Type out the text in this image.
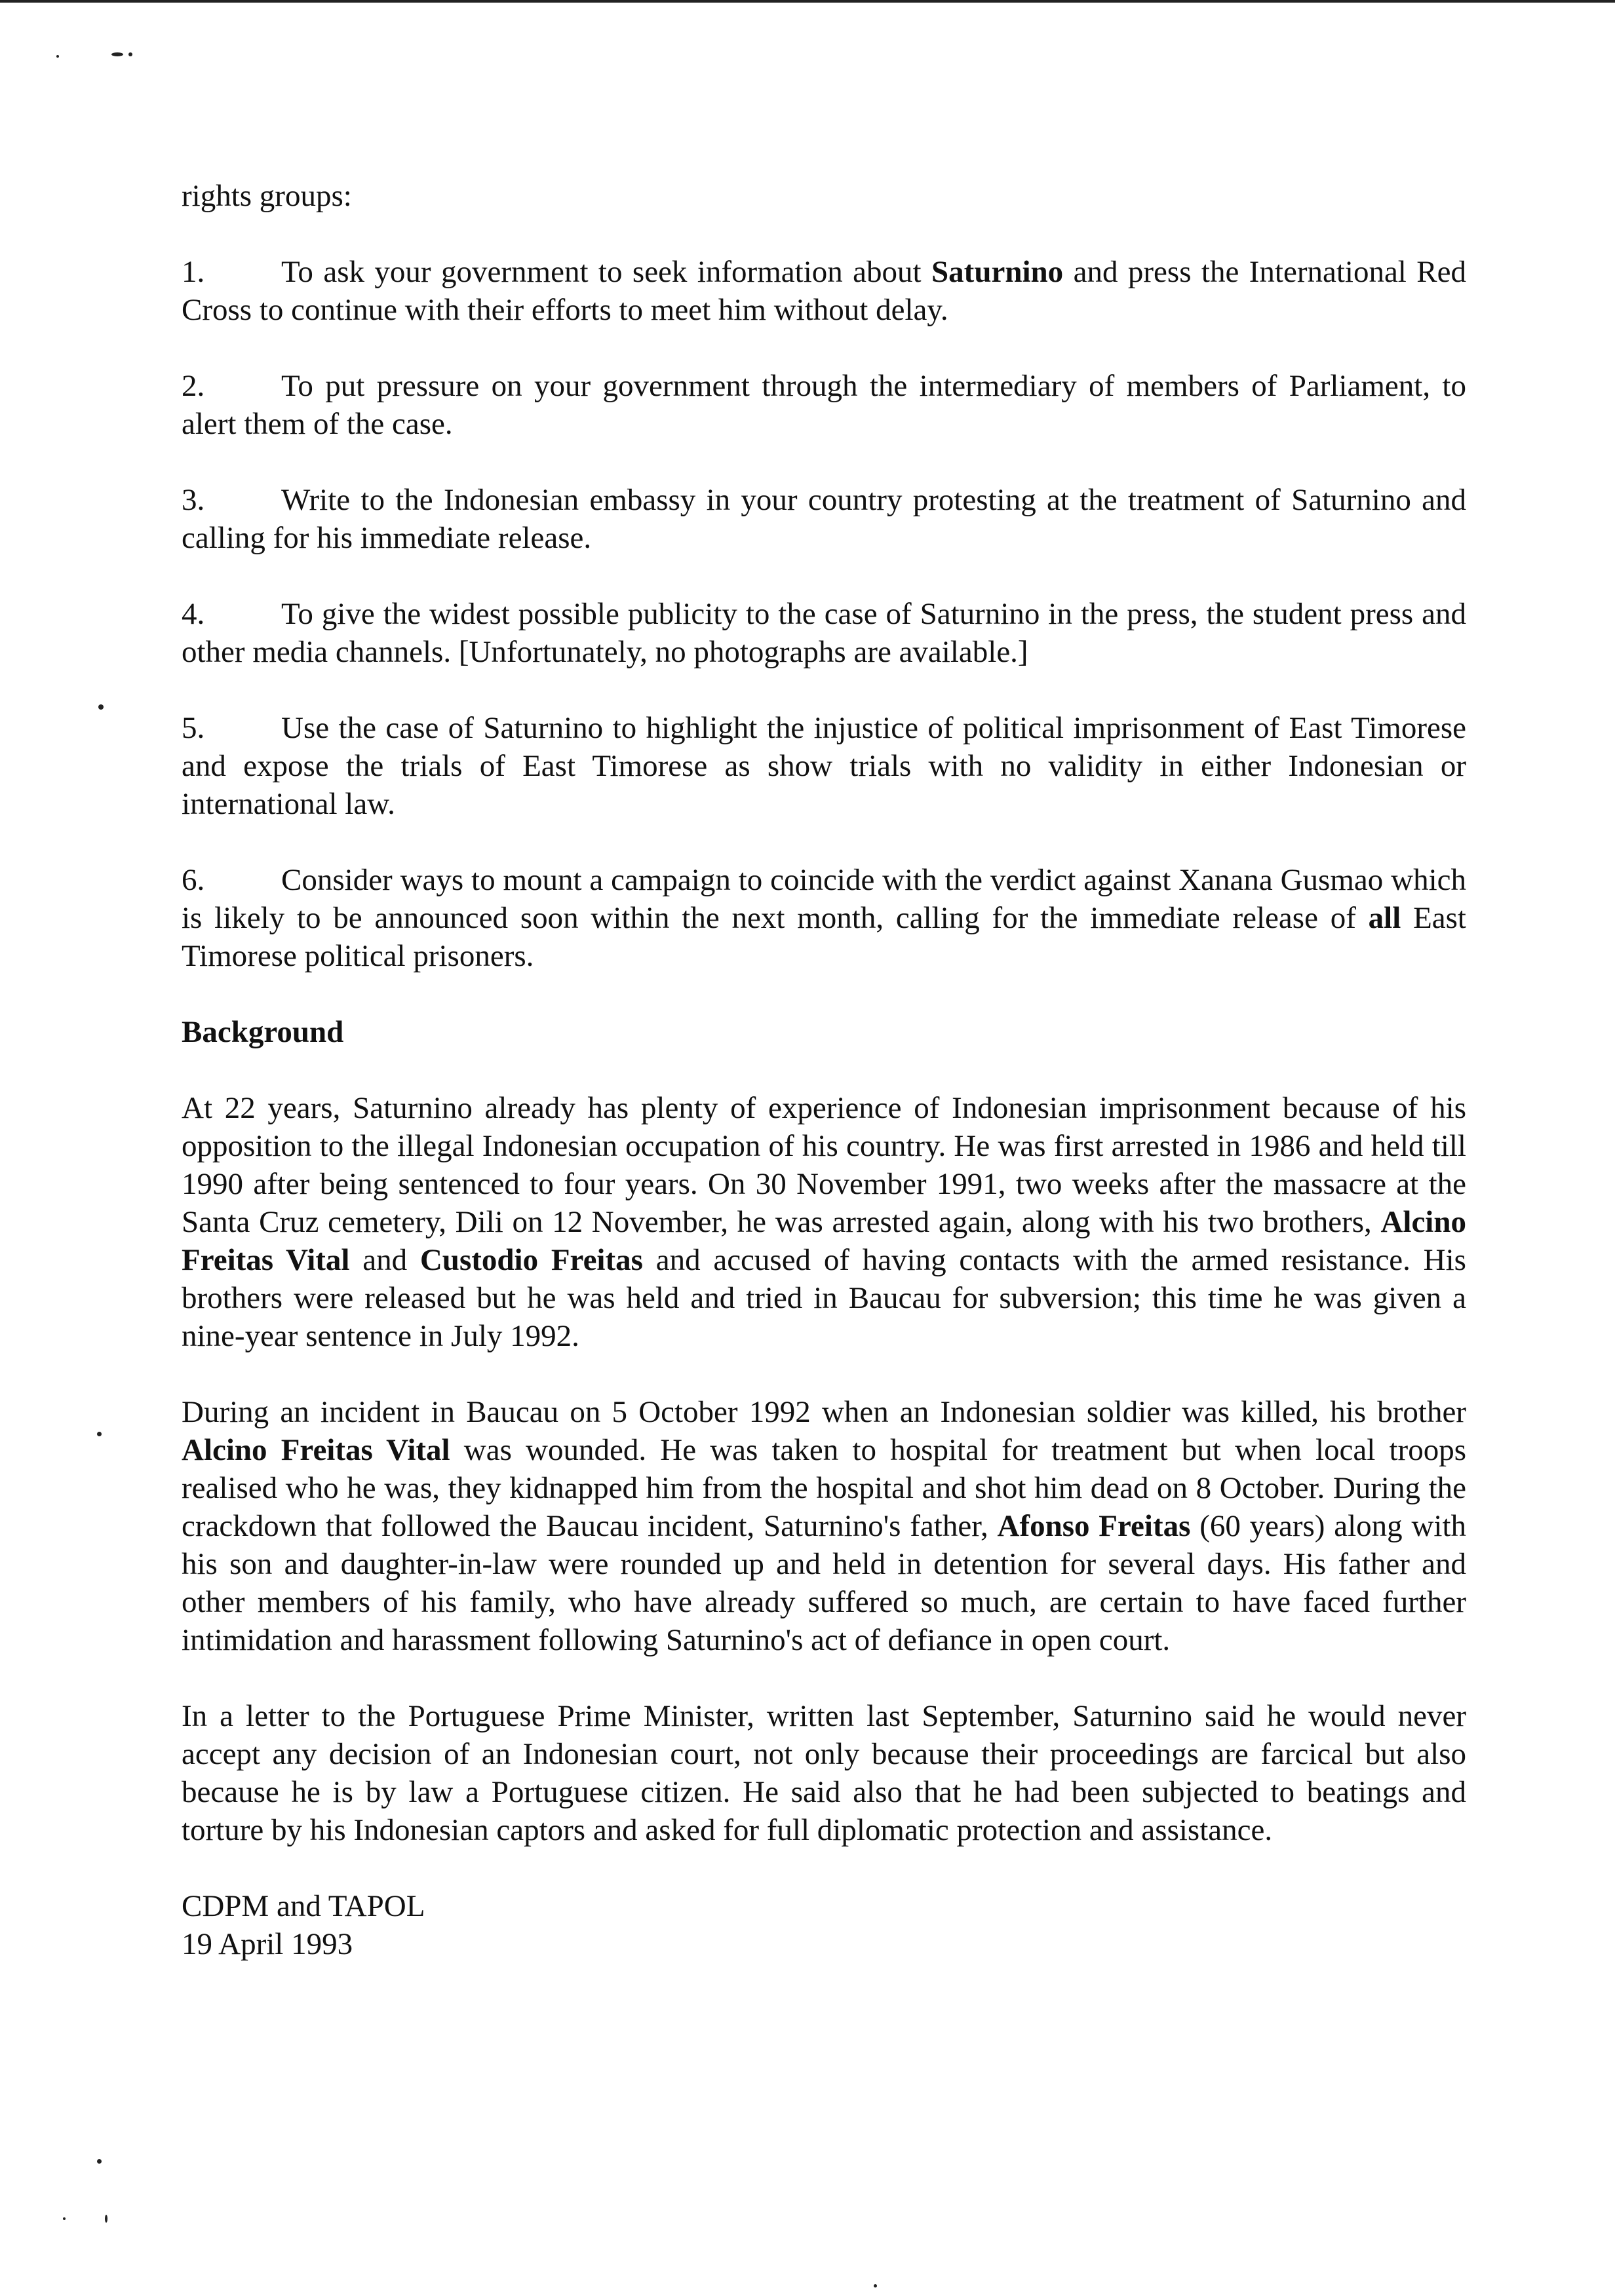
rights groups:

1. To ask your government to seek information about Saturnino and press the International Red Cross to continue with their efforts to meet him without delay.

2. To put pressure on your government through the intermediary of members of Parliament, to alert them of the case.

3. Write to the Indonesian embassy in your country protesting at the treatment of Saturnino and calling for his immediate release.

4. To give the widest possible publicity to the case of Saturnino in the press, the student press and other media channels. [Unfortunately, no photographs are available.]

5. Use the case of Saturnino to highlight the injustice of political imprisonment of East Timorese and expose the trials of East Timorese as show trials with no validity in either Indonesian or international law.

6. Consider ways to mount a campaign to coincide with the verdict against Xanana Gusmao which is likely to be announced soon within the next month, calling for the immediate release of all East Timorese political prisoners.

Background

At 22 years, Saturnino already has plenty of experience of Indonesian imprisonment because of his opposition to the illegal Indonesian occupation of his country. He was first arrested in 1986 and held till 1990 after being sentenced to four years. On 30 November 1991, two weeks after the massacre at the Santa Cruz cemetery, Dili on 12 November, he was arrested again, along with his two brothers, Alcino Freitas Vital and Custodio Freitas and accused of having contacts with the armed resistance. His brothers were released but he was held and tried in Baucau for subversion; this time he was given a nine-year sentence in July 1992.

During an incident in Baucau on 5 October 1992 when an Indonesian soldier was killed, his brother Alcino Freitas Vital was wounded. He was taken to hospital for treatment but when local troops realised who he was, they kidnapped him from the hospital and shot him dead on 8 October. During the crackdown that followed the Baucau incident, Saturnino's father, Afonso Freitas (60 years) along with his son and daughter-in-law were rounded up and held in detention for several days. His father and other members of his family, who have already suffered so much, are certain to have faced further intimidation and harassment following Saturnino's act of defiance in open court.

In a letter to the Portuguese Prime Minister, written last September, Saturnino said he would never accept any decision of an Indonesian court, not only because their proceedings are farcical but also because he is by law a Portuguese citizen. He said also that he had been subjected to beatings and torture by his Indonesian captors and asked for full diplomatic protection and assistance.

CDPM and TAPOL

19 April 1993
